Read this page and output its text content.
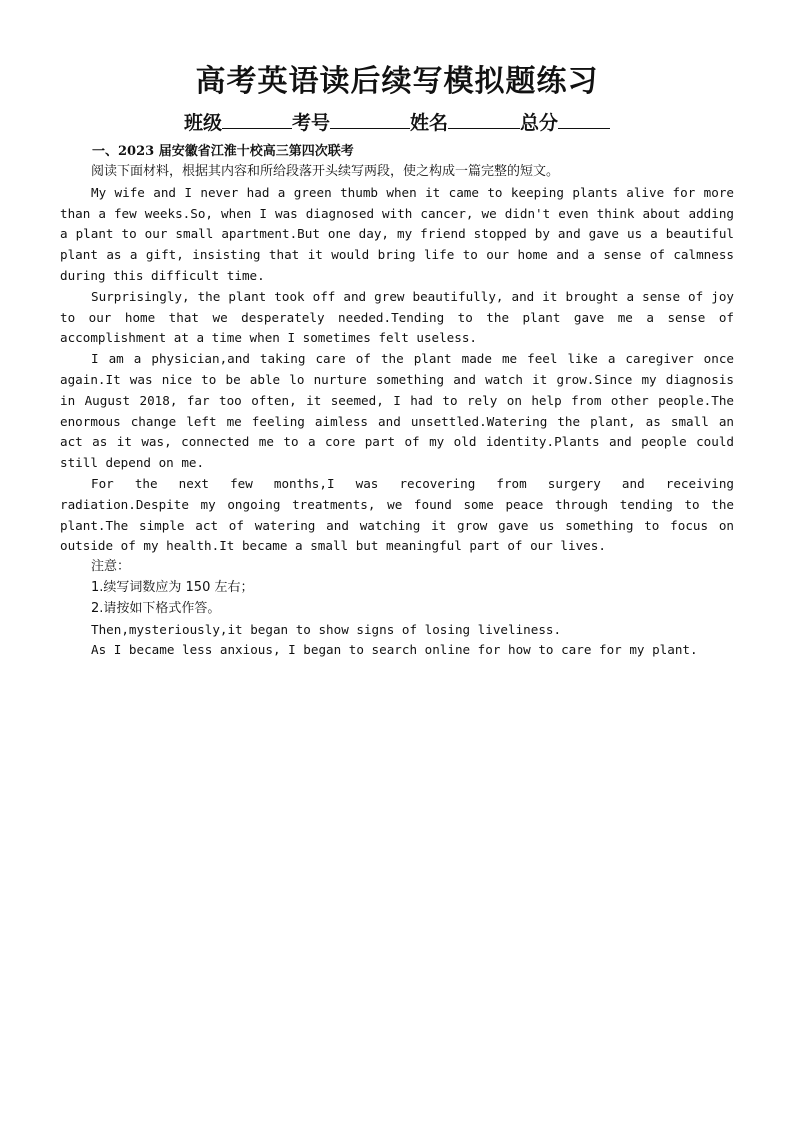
高考英语读后续写模拟题练习
班级	考号	姓名	总分
一、2023 届安徽省江淮十校高三第四次联考

阅读下面材料，根据其内容和所给段落开头续写两段，使之构成一篇完整的短文。

My wife and I never had a green thumb when it came to keeping plants alive for more than a few weeks.So, when I was diagnosed with cancer, we didn't even think about adding a plant to our small apartment.But one day, my friend stopped by and gave us a beautiful plant as a gift, insisting that it would bring life to our home and a sense of calmness during this difficult time.

Surprisingly, the plant took off and grew beautifully, and it brought a sense of joy to our home that we desperately needed.Tending to the plant gave me a sense of accomplishment at a time when I sometimes felt useless.

I am a physician,and taking care of the plant made me feel like a caregiver once again.It was nice to be able lo nurture something and watch it grow.Since my diagnosis in August 2018, far too often, it seemed, I had to rely on help from other people.The enormous change left me feeling aimless and unsettled.Watering the plant, as small an act as it was, connected me to a core part of my old identity.Plants and people could still depend on me.

For the next few months,I was recovering from surgery and receiving radiation.Despite my ongoing treatments, we found some peace through tending to the plant.The simple act of watering and watching it grow gave us something to focus on outside of my health.It became a small but meaningful part of our lives.

注意：

1.续写词数应为 150 左右；

2.请按如下格式作答。

Then,mysteriously,it began to show signs of losing liveliness.

As I became less anxious, I began to search online for how to care for my plant.
